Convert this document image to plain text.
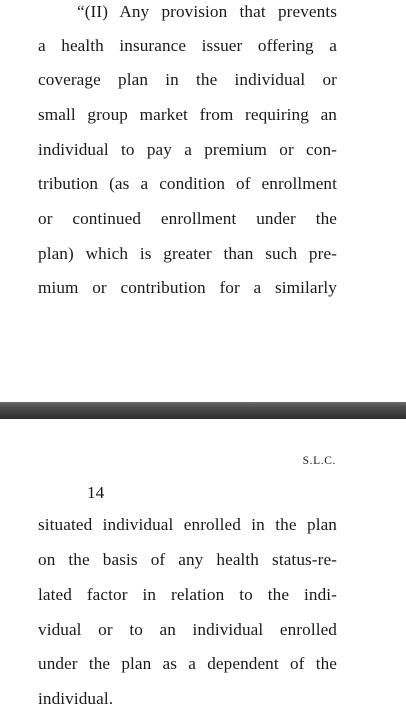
“(II) Any provision that prevents
a health insurance issuer offering a
coverage plan in the individual or
small group market from requiring an
individual to pay a premium or con-
tribution (as a condition of enrollment
or continued enrollment under the
plan) which is greater than such pre-
mium or contribution for a similarly
S.L.C.
14
situated individual enrolled in the plan
on the basis of any health status-re-
lated factor in relation to the indi-
vidual or to an individual enrolled
under the plan as a dependent of the
individual.
